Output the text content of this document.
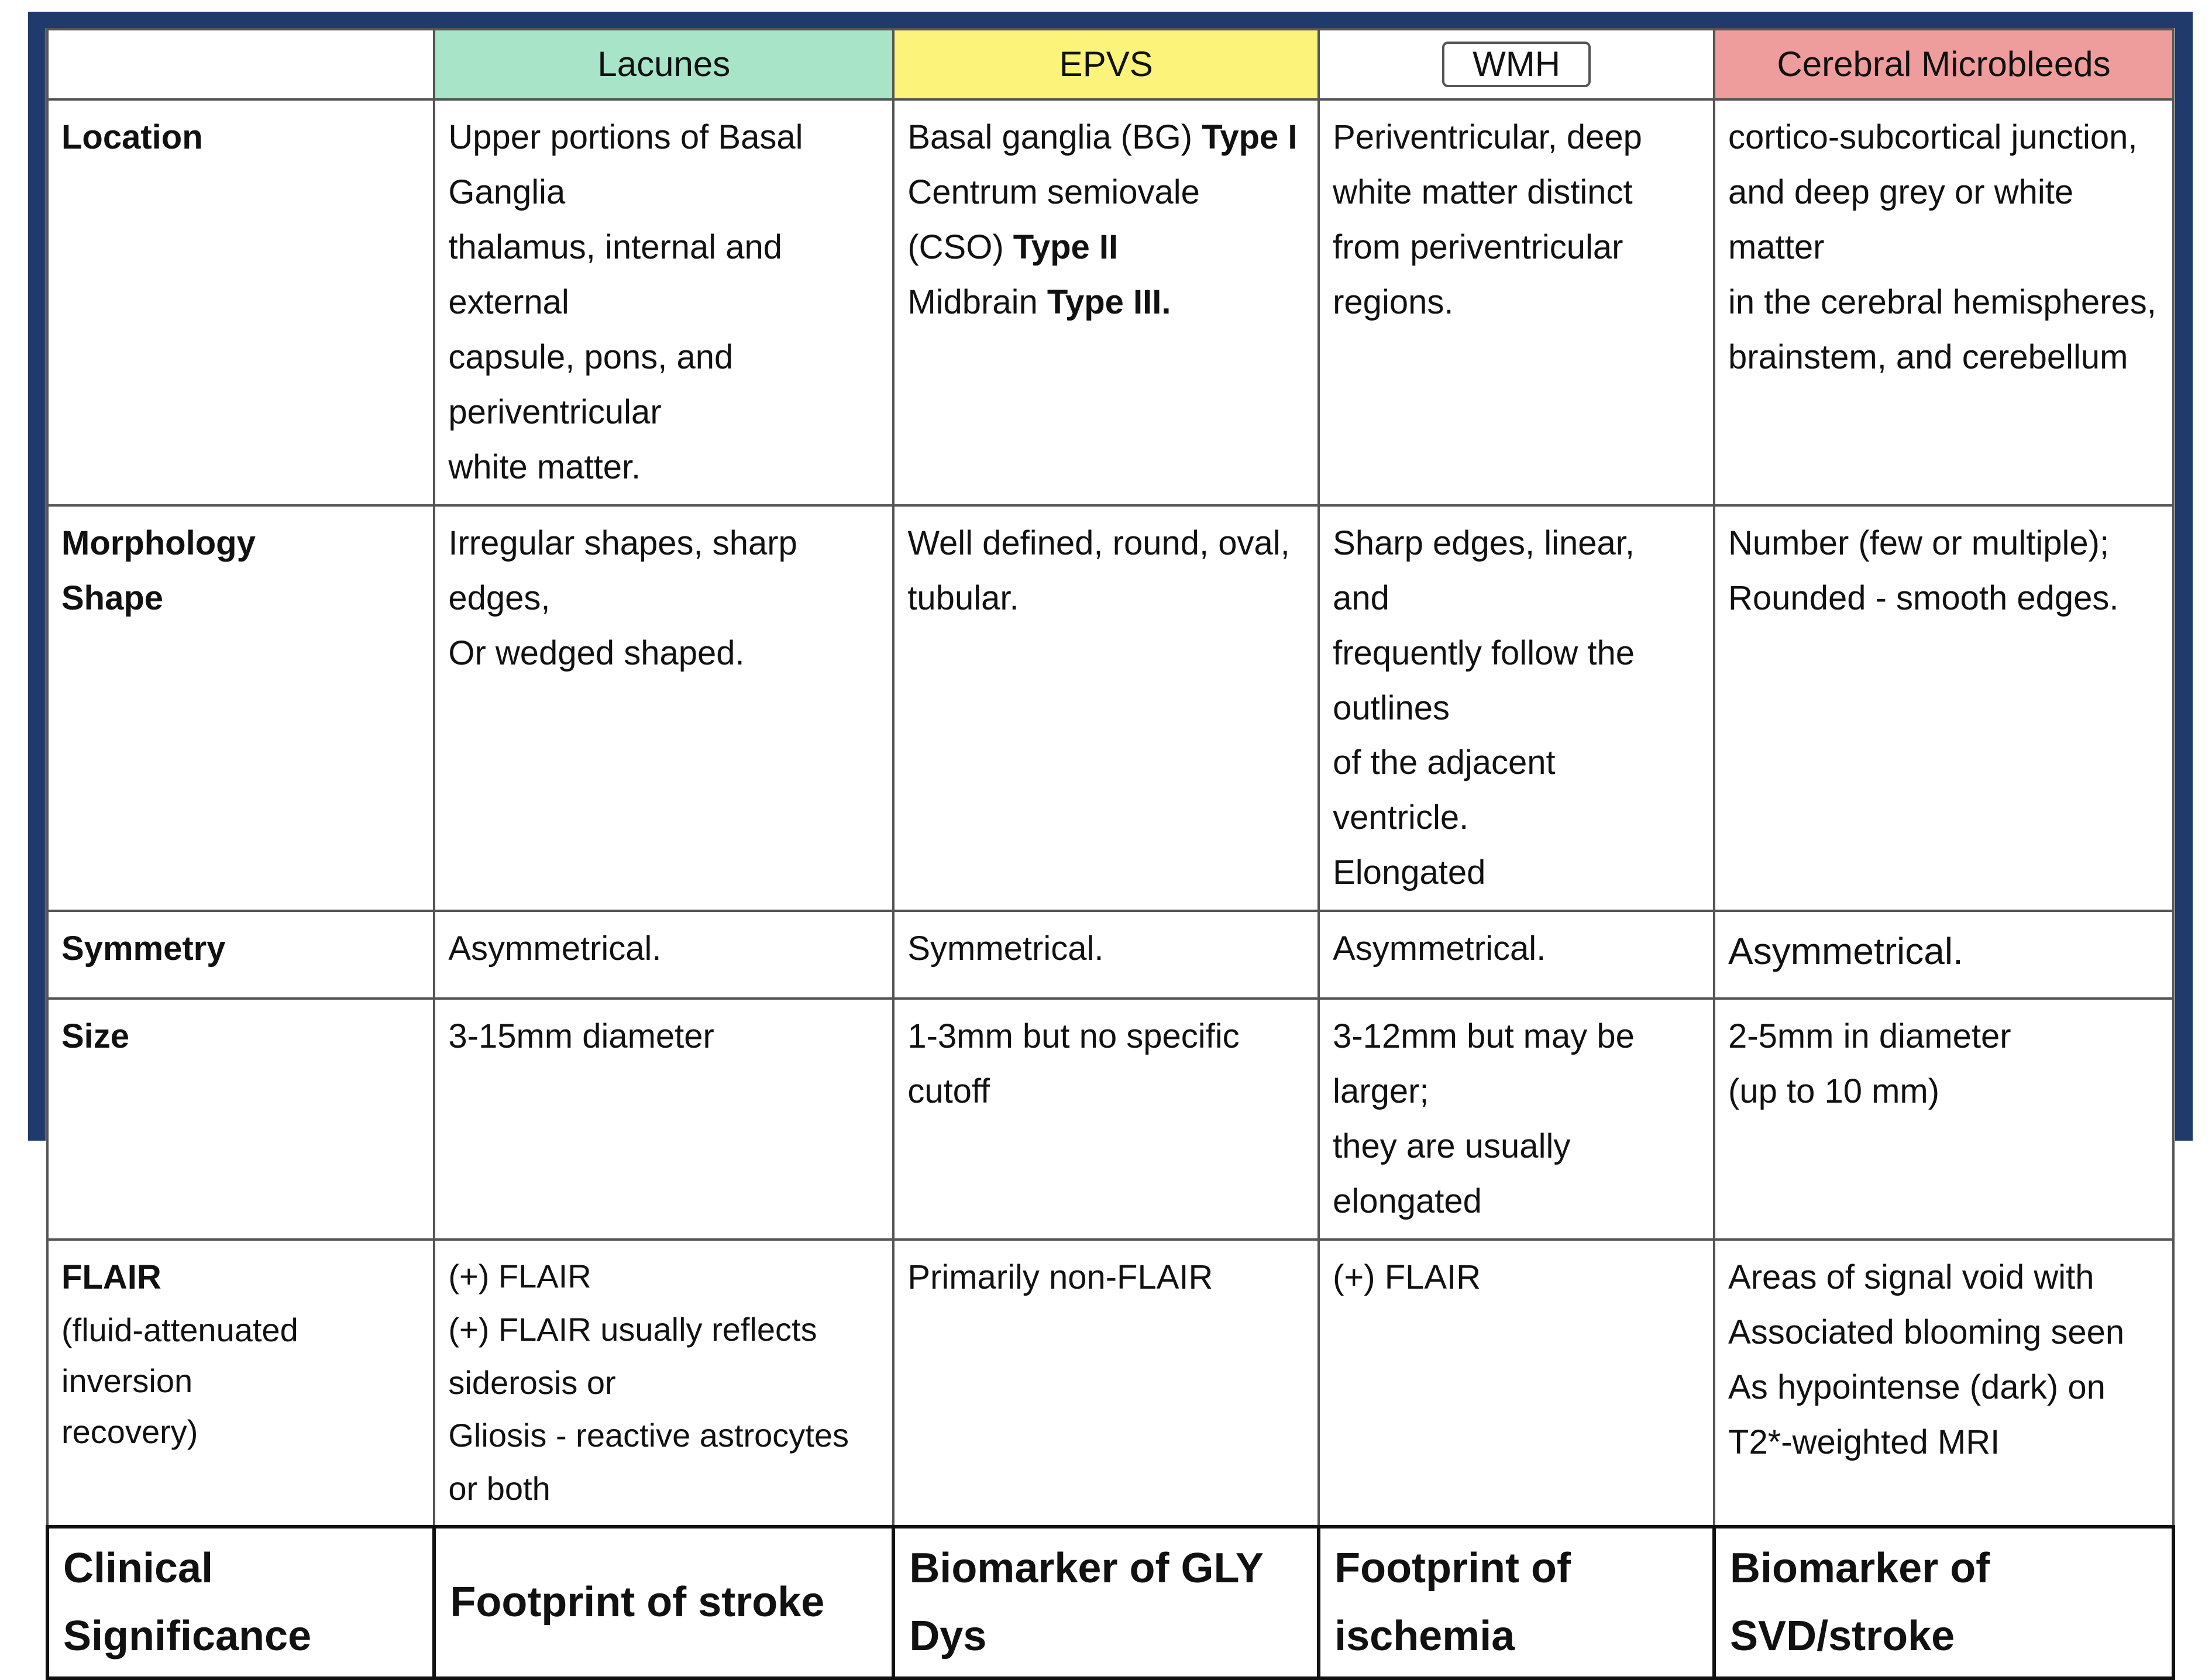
	Lacunes	EPVS	WMH	Cerebral Microbleeds

Location	Upper portions of Basal Ganglia
thalamus, internal and external
capsule, pons, and periventricular
white matter.	Basal ganglia (BG) Type I
Centrum semiovale (CSO) Type II
Midbrain Type III.	Periventricular, deep
white matter distinct
from periventricular
regions.	cortico-subcortical junction,
and deep grey or white matter
in the cerebral hemispheres,
brainstem, and cerebellum

Morphology
Shape	Irregular shapes, sharp edges,
Or wedged shaped.	Well defined, round, oval,
tubular.	Sharp edges, linear, and
frequently follow the outlines
of the adjacent ventricle.
Elongated	Number (few or multiple);
Rounded - smooth edges.

Symmetry	Asymmetrical.	Symmetrical.	Asymmetrical.	Asymmetrical.

Size	3-15mm diameter	1-3mm but no specific cutoff	3-12mm but may be larger;
they are usually elongated	2-5mm in diameter
(up to 10 mm)

FLAIR
(fluid-attenuated inversion
recovery)	(+) FLAIR
(+) FLAIR usually reflects siderosis or
Gliosis - reactive astrocytes or both	Primarily non-FLAIR	(+) FLAIR	Areas of signal void with
Associated blooming seen
As hypointense (dark) on
T2*-weighted MRI

Clinical Significance	Footprint of stroke	Biomarker of GLY Dys	Footprint of ischemia	Biomarker of SVD/stroke
